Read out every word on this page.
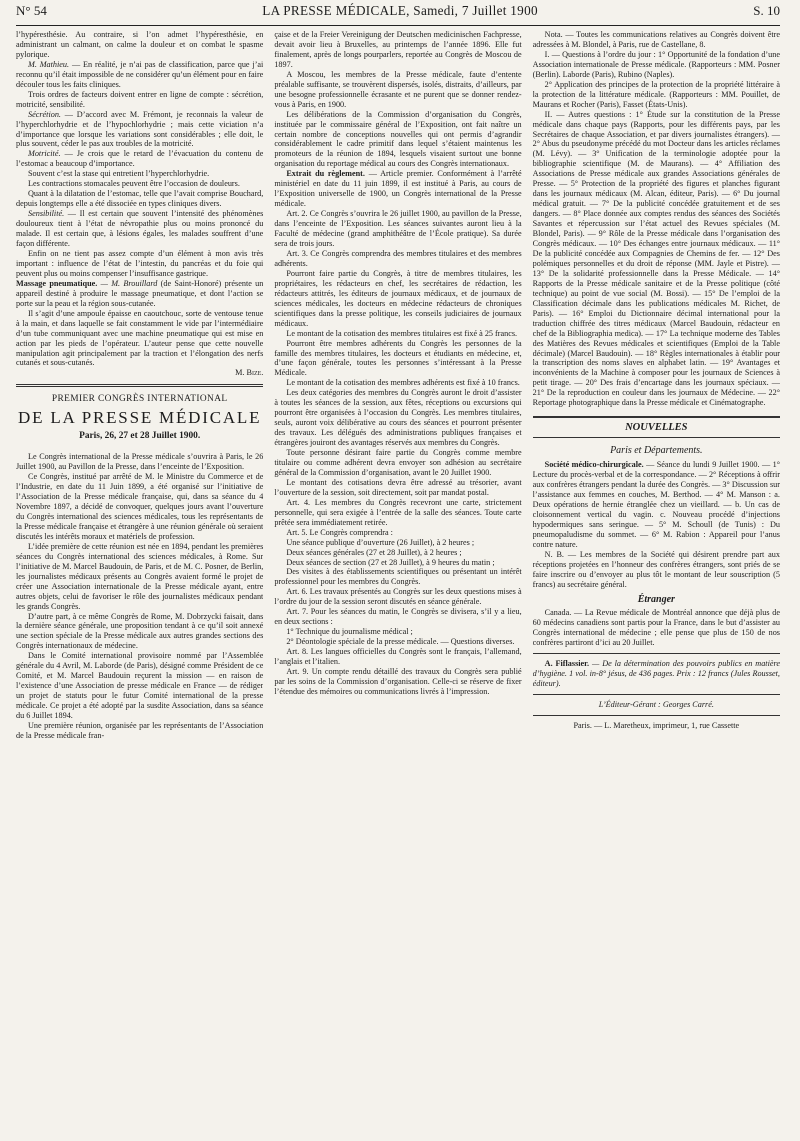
N° 54	LA PRESSE MÉDICALE, Samedi, 7 Juillet 1900	S. 10

l’hypéresthésie. Au contraire, si l’on admet l’hypéresthésie, en administrant un calmant, on calme la douleur et on combat le spasme pylorique.

M. Mathieu. — En réalité, je n’ai pas de classification, parce que j’ai reconnu qu’il était impossible de ne considérer qu’un élément pour en faire découler tous les faits cliniques.

Trois ordres de facteurs doivent entrer en ligne de compte : sécrétion, motricité, sensibilité.

Sécrétion. — D’accord avec M. Frémont, je reconnais la valeur de l’hyperchlorhydrie et de l’hypochlorhydrie ; mais cette viciation n’a d’importance que lorsque les variations sont considérables ; elle doit, le plus souvent, céder le pas aux troubles de la motricité.

Motricité. — Je crois que le retard de l’évacuation du contenu de l’estomac a beaucoup d’importance.

Souvent c’est la stase qui entretient l’hyperchlorhydrie.

Les contractions stomacales peuvent être l’occasion de douleurs.

Quant à la dilatation de l’estomac, telle que l’avait comprise Bouchard, depuis longtemps elle a été dissociée en types cliniques divers.

Sensibilité. — Il est certain que souvent l’intensité des phénomènes douloureux tient à l’état de névropathie plus ou moins prononcé du malade. Il est certain que, à lésions égales, les malades souffrent d’une façon différente.

Enfin on ne tient pas assez compte d’un élément à mon avis très important : influence de l’état de l’intestin, du pancréas et du foie qui peuvent plus ou moins compenser l’insuffisance gastrique.

Massage pneumatique. — M. Brouillard (de Saint-Honoré) présente un appareil destiné à produire le massage pneumatique, et dont l’action se porte sur la peau et la région sous-cutanée.

Il s’agit d’une ampoule épaisse en caoutchouc, sorte de ventouse tenue à la main, et dans laquelle se fait constamment le vide par l’intermédiaire d’un tube communiquant avec une machine pneumatique qui est mise en action par les pieds de l’opérateur. L’auteur pense que cette nouvelle manipulation agit principalement par la traction et l’élongation des nerfs cutanés et sous-cutanés.

M. Bize.

PREMIER CONGRÈS INTERNATIONAL
DE LA PRESSE MÉDICALE
Paris, 26, 27 et 28 Juillet 1900.

Le Congrès international de la Presse médicale s’ouvrira à Paris, le 26 Juillet 1900, au Pavillon de la Presse, dans l’enceinte de l’Exposition.

Ce Congrès, institué par arrêté de M. le Ministre du Commerce et de l’Industrie, en date du 11 Juin 1899, a été organisé sur l’initiative de l’Association de la Presse médicale française, qui, dans sa séance du 4 Novembre 1897, a décidé de convoquer, quelques jours avant l’ouverture du Congrès international des sciences médicales, tous les représentants de la Presse médicale française et étrangère à une réunion générale où seraient discutés les intérêts moraux et matériels de profession.

L’idée première de cette réunion est née en 1894, pendant les premières séances du Congrès international des sciences médicales, à Rome. Sur l’initiative de M. Marcel Baudouin, de Paris, et de M. C. Posner, de Berlin, les journalistes médicaux présents au Congrès avaient formé le projet de créer une Association internationale de la Presse médicale ayant, entre autres objets, celui de favoriser le rôle des journalistes médicaux pendant les grands Congrès.

D’autre part, à ce même Congrès de Rome, M. Dobrzycki faisait, dans la dernière séance générale, une proposition tendant à ce qu’il soit annexé une section spéciale de la Presse médicale aux autres grandes sections des Congrès internationaux de médecine.

Dans le Comité international provisoire nommé par l’Assemblée générale du 4 Avril, M. Laborde (de Paris), désigné comme Président de ce Comité, et M. Marcel Baudouin reçurent la mission — en raison de l’existence d’une Association de presse médicale en France — de rédiger un projet de statuts pour le futur Comité international de la presse médicale. Ce projet a été adopté par la susdite Association, dans sa séance du 6 Juillet 1894.

Une première réunion, organisée par les représentants de l’Association de la Presse médicale fran-

çaise et de la Freier Vereinigung der Deutschen medicinischen Fachpresse, devait avoir lieu à Bruxelles, au printemps de l’année 1896. Elle fut finalement, après de longs pourparlers, reportée au Congrès de Moscou de 1897.

A Moscou, les membres de la Presse médicale, faute d’entente préalable suffisante, se trouvèrent dispersés, isolés, distraits, d’ailleurs, par une besogne professionnelle écrasante et ne purent que se donner rendez-vous à Paris, en 1900.

Les délibérations de la Commission d’organisation du Congrès, instituée par le commissaire général de l’Exposition, ont fait naître un certain nombre de conceptions nouvelles qui ont permis d’agrandir considérablement le cadre primitif dans lequel s’étaient maintenus les promoteurs de la réunion de 1894, lesquels visaient surtout une bonne organisation du reportage médical au cours des Congrès internationaux.

Extrait du règlement. — Article premier. Conformément à l’arrêté ministériel en date du 11 juin 1899, il est institué à Paris, au cours de l’Exposition universelle de 1900, un Congrès international de la Presse médicale.

Art. 2. Ce Congrès s’ouvrira le 26 juillet 1900, au pavillon de la Presse, dans l’enceinte de l’Exposition. Les séances suivantes auront lieu à la Faculté de médecine (grand amphithéâtre de l’École pratique). Sa durée sera de trois jours.

Art. 3. Ce Congrès comprendra des membres titulaires et des membres adhérents.

Pourront faire partie du Congrès, à titre de membres titulaires, les propriétaires, les rédacteurs en chef, les secrétaires de rédaction, les rédacteurs attitrés, les éditeurs de journaux médicaux, et de journaux de sciences médicales, les docteurs en médecine rédacteurs de chroniques scientifiques dans la presse politique, les conseils judiciaires de journaux médicaux.

Le montant de la cotisation des membres titulaires est fixé à 25 francs.

Pourront être membres adhérents du Congrès les personnes de la famille des membres titulaires, les docteurs et étudiants en médecine, et, d’une façon générale, toutes les personnes s’intéressant à la Presse Médicale.

Le montant de la cotisation des membres adhérents est fixé à 10 francs.

Les deux catégories des membres du Congrès auront le droit d’assister à toutes les séances de la session, aux fêtes, réceptions ou excursions qui pourront être organisées à l’occasion du Congrès. Les membres titulaires, seuls, auront voix délibérative au cours des séances et pourront présenter des travaux. Les délégués des administrations publiques françaises et étrangères jouiront des avantages réservés aux membres du Congrès.

Toute personne désirant faire partie du Congrès comme membre titulaire ou comme adhérent devra envoyer son adhésion au secrétaire général de la Commission d’organisation, avant le 20 Juillet 1900.

Le montant des cotisations devra être adressé au trésorier, avant l’ouverture de la session, soit directement, soit par mandat postal.

Art. 4. Les membres du Congrès recevront une carte, strictement personnelle, qui sera exigée à l’entrée de la salle des séances. Toute carte prêtée sera immédiatement retirée.

Art. 5. Le Congrès comprendra :

Une séance publique d’ouverture (26 Juillet), à 2 heures ;

Deux séances générales (27 et 28 Juillet), à 2 heures ;

Deux séances de section (27 et 28 Juillet), à 9 heures du matin ;

Des visites à des établissements scientifiques ou présentant un intérêt professionnel pour les membres du Congrès.

Art. 6. Les travaux présentés au Congrès sur les deux questions mises à l’ordre du jour de la session seront discutés en séance générale.

Art. 7. Pour les séances du matin, le Congrès se divisera, s’il y a lieu, en deux sections :

1° Technique du journalisme médical ;

2° Déontologie spéciale de la presse médicale. — Questions diverses.

Art. 8. Les langues officielles du Congrès sont le français, l’allemand, l’anglais et l’italien.

Art. 9. Un compte rendu détaillé des travaux du Congrès sera publié par les soins de la Commission d’organisation. Celle-ci se réserve de fixer l’étendue des mémoires ou communications livrés à l’impression.

Nota. — Toutes les communications relatives au Congrès doivent être adressées à M. Blondel, à Paris, rue de Castellane, 8.

I. — Questions à l’ordre du jour : 1° Opportunité de la fondation d’une Association internationale de Presse médicale. (Rapporteurs : MM. Posner (Berlin). Laborde (Paris), Rubino (Naples).

2° Application des principes de la protection de la propriété littéraire à la protection de la littérature médicale. (Rapporteurs : MM. Pouillet, de Maurans et Rocher (Paris), Fasset (États-Unis).

II. — Autres questions : 1° Étude sur la constitution de la Presse médicale dans chaque pays (Rapports, pour les différents pays, par les Secrétaires de chaque Association, et par divers journalistes étrangers). — 2° Abus du pseudonyme précédé du mot Docteur dans les articles réclames (M. Lévy). — 3° Unification de la terminologie adoptée pour la bibliographie scientifique (M. de Maurans). — 4° Affiliation des Associations de Presse médicale aux grandes Associations générales de Presse. — 5° Protection de la propriété des figures et planches figurant dans les journaux médicaux (M. Alcan, éditeur, Paris). — 6° Du journal médical gratuit. — 7° De la publicité concédée gratuitement et de ses dangers. — 8° Place donnée aux comptes rendus des séances des Sociétés Savantes et répercussion sur l’état actuel des Revues spéciales (M. Blondel, Paris). — 9° Rôle de la Presse médicale dans l’organisation des Congrès médicaux. — 10° Des échanges entre journaux médicaux. — 11° De la publicité concédée aux Compagnies de Chemins de fer. — 12° Des polémiques personnelles et du droit de réponse (MM. Jayle et Pistre). — 13° De la solidarité professionnelle dans la Presse Médicale. — 14° Rapports de la Presse médicale sanitaire et de la Presse politique (côté technique) au point de vue social (M. Bossi). — 15° De l’emploi de la Classification décimale dans les publications médicales M. Richet, de Paris). — 16° Emploi du Dictionnaire décimal international pour la traduction chiffrée des titres médicaux (Marcel Baudouin, rédacteur en chef de la Bibliographia medica). — 17° La technique moderne des Tables des Matières des Revues médicales et scientifiques (Emploi de la Table décimale) (Marcel Baudouin). — 18° Règles internationales à établir pour la transcription des noms slaves en alphabet latin. — 19° Avantages et inconvénients de la Machine à composer pour les journaux de Sciences à petit tirage. — 20° Des frais d’encartage dans les journaux spéciaux. — 21° De la reproduction en couleur dans les journaux de Médecine. — 22° Reportage photographique dans la Presse médicale et Cinématographe.

NOUVELLES
Paris et Départements.

Société médico-chirurgicale. — Séance du lundi 9 Juillet 1900. — 1° Lecture du procès-verbal et de la correspondance. — 2° Réceptions à offrir aux confrères étrangers pendant la durée des Congrès. — 3° Discussion sur l’assistance aux femmes en couches, M. Berthod. — 4° M. Manson : a. Deux opérations de hernie étranglée chez un vieillard. — b. Un cas de cloisonnement vertical du vagin. c. Nouveau procédé d’injections hypodermiques sans seringue. — 5° M. Schoull (de Tunis) : Du pneumopaludisme du sommet. — 6° M. Rabion : Appareil pour l’anus contre nature.

N. B. — Les membres de la Société qui désirent prendre part aux réceptions projetées en l’honneur des confrères étrangers, sont priés de se faire inscrire ou d’envoyer au plus tôt le montant de leur souscription (5 francs) au secrétaire général.

Étranger

Canada. — La Revue médicale de Montréal annonce que déjà plus de 60 médecins canadiens sont partis pour la France, dans le but d’assister au Congrès international de médecine ; elle pense que plus de 150 de nos confrères partiront d’ici au 20 Juillet.

A. Fiflassier. — De la détermination des pouvoirs publics en matière d’hygiène. 1 vol. in-8° jésus, de 436 pages. Prix : 12 francs (Jules Rousset, éditeur).

L’Éditeur-Gérant : Georges Carré.
Paris. — L. Maretheux, imprimeur, 1, rue Cassette
